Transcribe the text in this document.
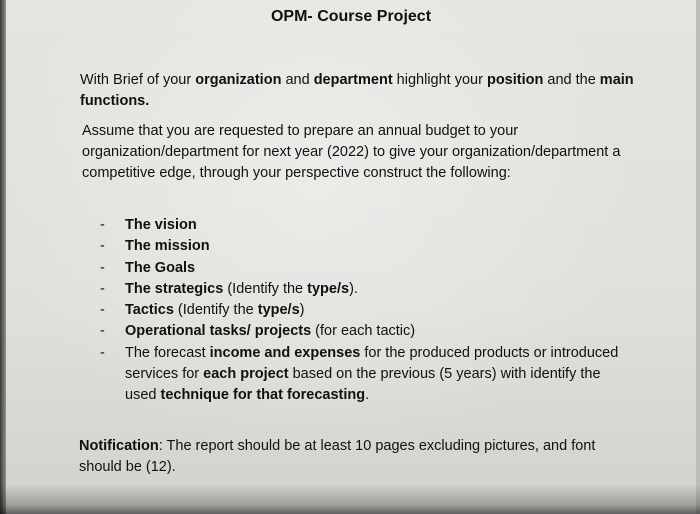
OPM- Course Project
With Brief of your organization and department highlight your position and the main functions.
Assume that you are requested to prepare an annual budget to your organization/department for next year (2022) to give your organization/department a competitive edge, through your perspective construct the following:
- The vision
- The mission
- The Goals
- The strategics (Identify the type/s).
- Tactics (Identify the type/s)
- Operational tasks/ projects (for each tactic)
- The forecast income and expenses for the produced products or introduced services for each project based on the previous (5 years) with identify the used technique for that forecasting.
Notification: The report should be at least 10 pages excluding pictures, and font should be (12).
